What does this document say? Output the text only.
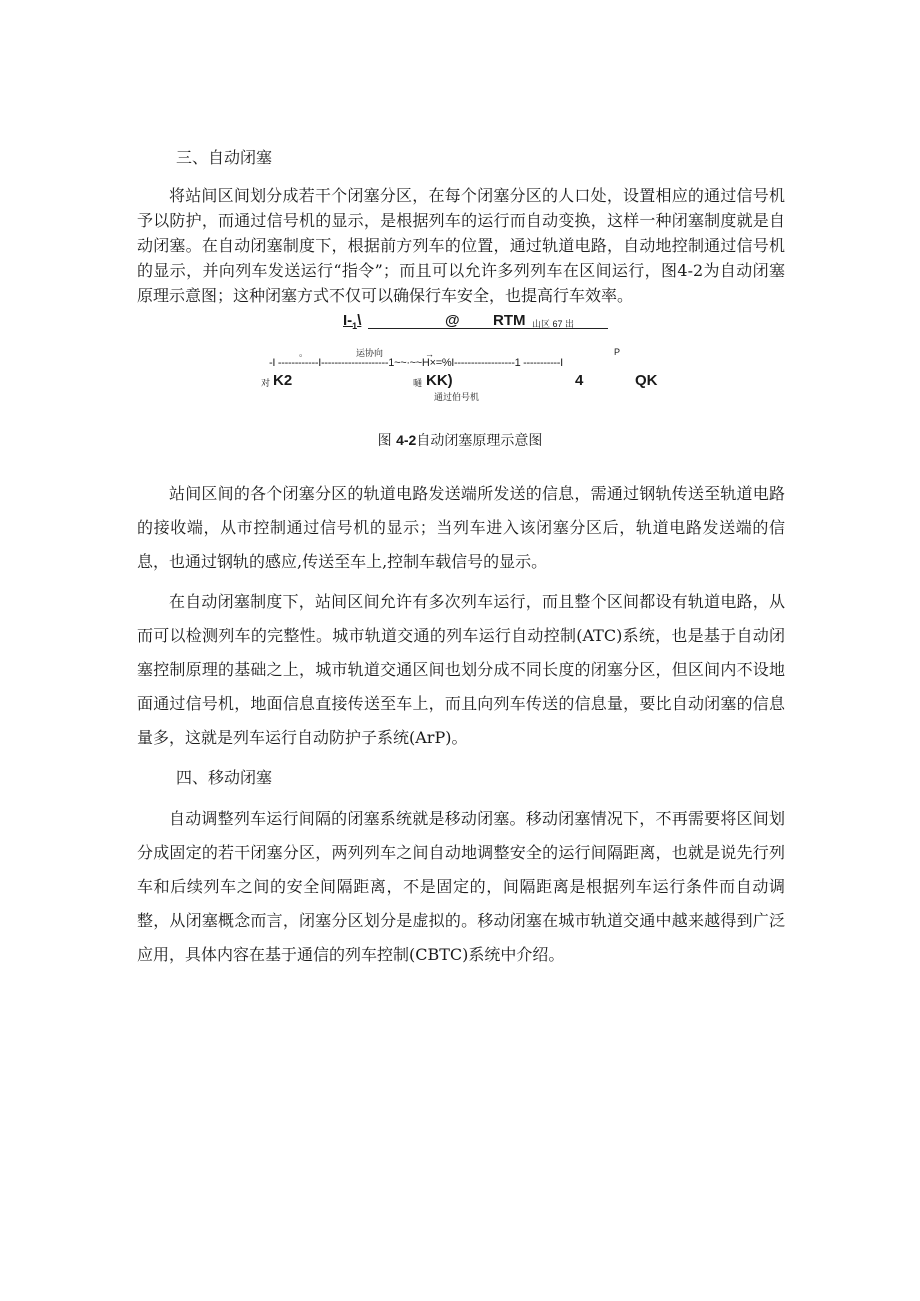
三、自动闭塞

将站间区间划分成若干个闭塞分区，在每个闭塞分区的人口处，设置相应的通过信号机予以防护，而通过信号机的显示，是根据列车的运行而自动变换，这样一种闭塞制度就是自动闭塞。在自动闭塞制度下，根据前方列车的位置，通过轨道电路，自动地控制通过信号机的显示，并向列车发送运行“指令”；而且可以允许多列列车在区间运行，图4-2为自动闭塞原理示意图；这种闭塞方式不仅可以确保行车安全，也提高行车效率。

$I-_1\backslash$	@ RTM 山区 67 出
。	运协向	→	P
-I ------------I--------------------1~~·~~H×=%I------------------1 -----------I
对 K2	嗵 KK)	4	QK
通过伯号机
图 4-2自动闭塞原理示意图

站间区间的各个闭塞分区的轨道电路发送端所发送的信息，需通过钢轨传送至轨道电路的接收端，从市控制通过信号机的显示；当列车进入该闭塞分区后，轨道电路发送端的信息，也通过钢轨的感应,传送至车上,控制车载信号的显示。

在自动闭塞制度下，站间区间允许有多次列车运行，而且整个区间都设有轨道电路，从而可以检测列车的完整性。城市轨道交通的列车运行自动控制(ATC)系统，也是基于自动闭塞控制原理的基础之上，城市轨道交通区间也划分成不同长度的闭塞分区，但区间内不设地面通过信号机，地面信息直接传送至车上，而且向列车传送的信息量，要比自动闭塞的信息量多，这就是列车运行自动防护子系统(ArP)。

四、移动闭塞

自动调整列车运行间隔的闭塞系统就是移动闭塞。移动闭塞情况下，不再需要将区间划分成固定的若干闭塞分区，两列列车之间自动地调整安全的运行间隔距离，也就是说先行列车和后续列车之间的安全间隔距离，不是固定的，间隔距离是根据列车运行条件而自动调整，从闭塞概念而言，闭塞分区划分是虚拟的。移动闭塞在城市轨道交通中越来越得到广泛应用，具体内容在基于通信的列车控制(CBTC)系统中介绍。
